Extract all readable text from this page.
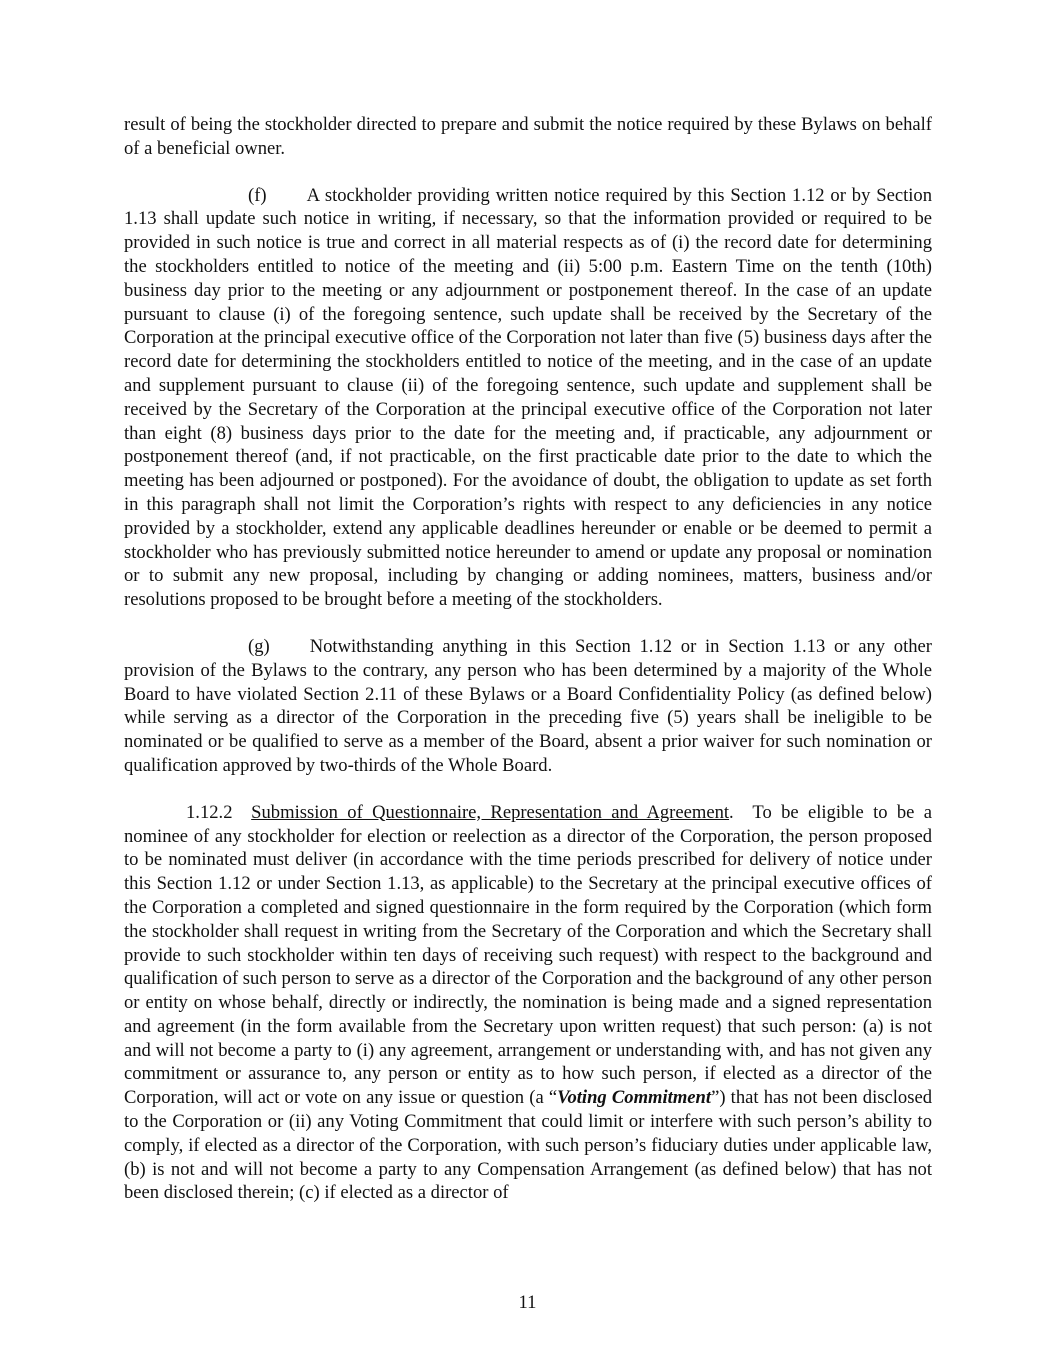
result of being the stockholder directed to prepare and submit the notice required by these Bylaws on behalf of a beneficial owner.

(f) A stockholder providing written notice required by this Section 1.12 or by Section 1.13 shall update such notice in writing, if necessary, so that the information provided or required to be provided in such notice is true and correct in all material respects as of (i) the record date for determining the stockholders entitled to notice of the meeting and (ii) 5:00 p.m. Eastern Time on the tenth (10th) business day prior to the meeting or any adjournment or postponement thereof. In the case of an update pursuant to clause (i) of the foregoing sentence, such update shall be received by the Secretary of the Corporation at the principal executive office of the Corporation not later than five (5) business days after the record date for determining the stockholders entitled to notice of the meeting, and in the case of an update and supplement pursuant to clause (ii) of the foregoing sentence, such update and supplement shall be received by the Secretary of the Corporation at the principal executive office of the Corporation not later than eight (8) business days prior to the date for the meeting and, if practicable, any adjournment or postponement thereof (and, if not practicable, on the first practicable date prior to the date to which the meeting has been adjourned or postponed). For the avoidance of doubt, the obligation to update as set forth in this paragraph shall not limit the Corporation’s rights with respect to any deficiencies in any notice provided by a stockholder, extend any applicable deadlines hereunder or enable or be deemed to permit a stockholder who has previously submitted notice hereunder to amend or update any proposal or nomination or to submit any new proposal, including by changing or adding nominees, matters, business and/or resolutions proposed to be brought before a meeting of the stockholders.

(g) Notwithstanding anything in this Section 1.12 or in Section 1.13 or any other provision of the Bylaws to the contrary, any person who has been determined by a majority of the Whole Board to have violated Section 2.11 of these Bylaws or a Board Confidentiality Policy (as defined below) while serving as a director of the Corporation in the preceding five (5) years shall be ineligible to be nominated or be qualified to serve as a member of the Board, absent a prior waiver for such nomination or qualification approved by two-thirds of the Whole Board.

1.12.2 Submission of Questionnaire, Representation and Agreement. To be eligible to be a nominee of any stockholder for election or reelection as a director of the Corporation, the person proposed to be nominated must deliver (in accordance with the time periods prescribed for delivery of notice under this Section 1.12 or under Section 1.13, as applicable) to the Secretary at the principal executive offices of the Corporation a completed and signed questionnaire in the form required by the Corporation (which form the stockholder shall request in writing from the Secretary of the Corporation and which the Secretary shall provide to such stockholder within ten days of receiving such request) with respect to the background and qualification of such person to serve as a director of the Corporation and the background of any other person or entity on whose behalf, directly or indirectly, the nomination is being made and a signed representation and agreement (in the form available from the Secretary upon written request) that such person: (a) is not and will not become a party to (i) any agreement, arrangement or understanding with, and has not given any commitment or assurance to, any person or entity as to how such person, if elected as a director of the Corporation, will act or vote on any issue or question (a “Voting Commitment”) that has not been disclosed to the Corporation or (ii) any Voting Commitment that could limit or interfere with such person’s ability to comply, if elected as a director of the Corporation, with such person’s fiduciary duties under applicable law, (b) is not and will not become a party to any Compensation Arrangement (as defined below) that has not been disclosed therein; (c) if elected as a director of

11
